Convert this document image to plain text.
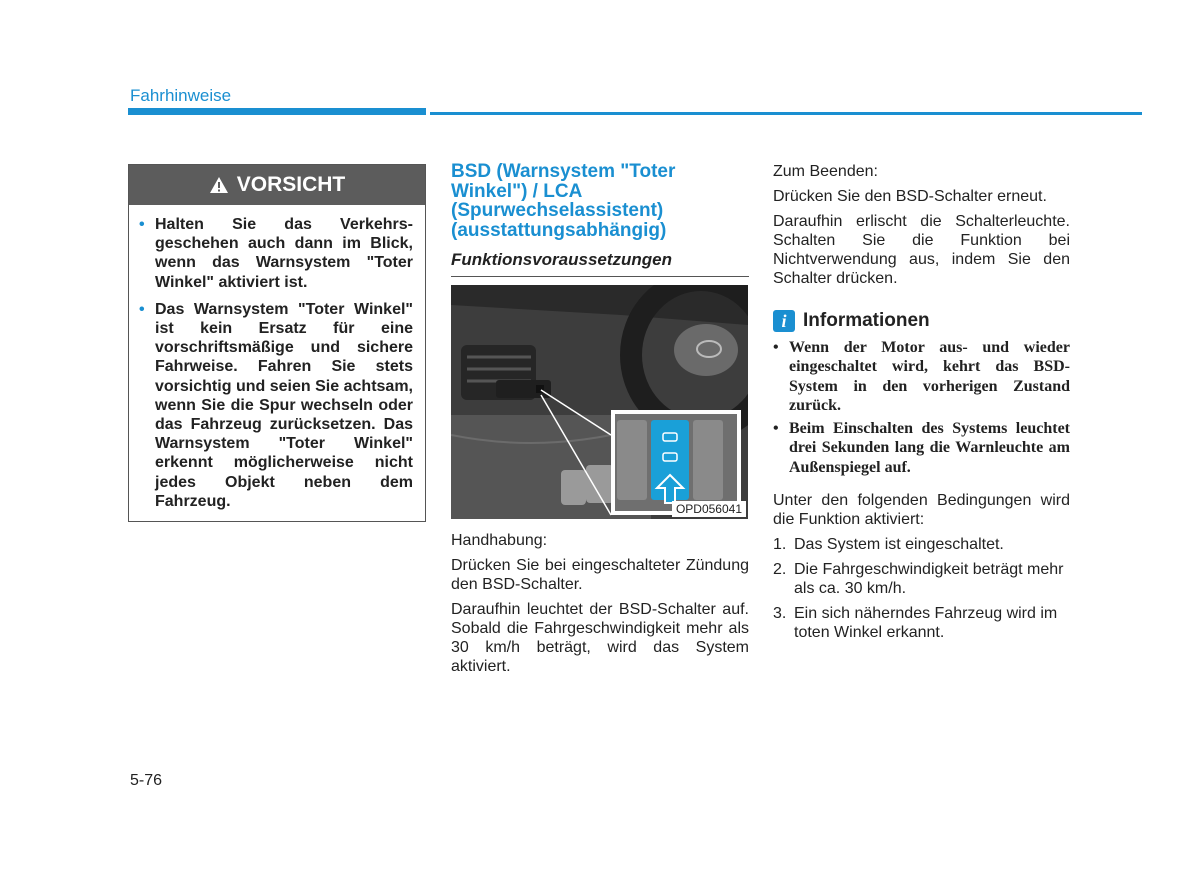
Fahrhinweise
VORSICHT
• Halten Sie das Verkehrsgeschehen auch dann im Blick, wenn das Warnsystem "Toter Winkel" aktiviert ist.
• Das Warnsystem "Toter Winkel" ist kein Ersatz für eine vorschriftsmäßige und sichere Fahrweise. Fahren Sie stets vorsichtig und seien Sie achtsam, wenn Sie die Spur wechseln oder das Fahrzeug zurücksetzen. Das Warnsystem "Toter Winkel" erkennt möglicherweise nicht jedes Objekt neben dem Fahrzeug.
BSD (Warnsystem "Toter Winkel") / LCA (Spurwechselassistent) (ausstattungsabhängig)
Funktionsvoraussetzungen
OPD056041

Handhabung:

Drücken Sie bei eingeschalteter Zündung den BSD-Schalter.

Daraufhin leuchtet der BSD-Schalter auf. Sobald die Fahrgeschwindigkeit mehr als 30 km/h beträgt, wird das System aktiviert.

Zum Beenden:

Drücken Sie den BSD-Schalter erneut.

Daraufhin erlischt die Schalterleuchte. Schalten Sie die Funktion bei Nichtverwendung aus, indem Sie den Schalter drücken.

i Informationen
• Wenn der Motor aus- und wieder eingeschaltet wird, kehrt das BSD-System in den vorherigen Zustand zurück.
• Beim Einschalten des Systems leuchtet drei Sekunden lang die Warnleuchte am Außenspiegel auf.

Unter den folgenden Bedingungen wird die Funktion aktiviert:

1. Das System ist eingeschaltet.
2. Die Fahrgeschwindigkeit beträgt mehr als ca. 30 km/h.
3. Ein sich näherndes Fahrzeug wird im toten Winkel erkannt.
5-76
